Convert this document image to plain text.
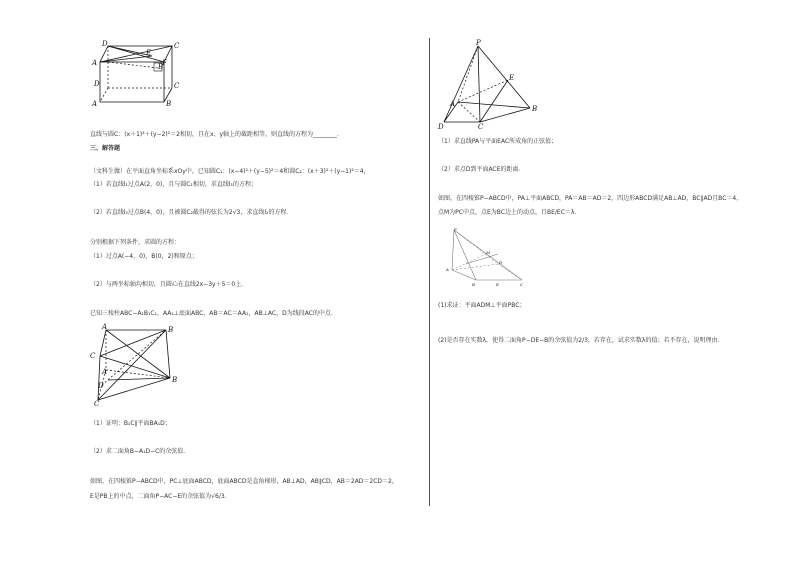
D	C
A	B
E
F
D	C
A	B
直线与圆C：(x＋1)²＋(y−2)²＝2相切，且在x、y轴上的截距相等，则直线的方程为________．
三、解答题
（文科生做）在平面直角坐标系xOy中，已知圆C₁：(x−4)²＋(y−5)²＝4和圆C₂：(x＋3)²＋(y−1)²＝4，
（1）若直线l₁过点A(2，0)，且与圆C₁相切，求直线l₁的方程；
（2）若直线l₂过点B(4，0)，且被圆C₂截得的弦长为2√3，求直线l₂的方程．
分别根据下列条件，求圆的方程：
（1）过点A(−4，0)，B(0，2)和原点；
（2）与两坐标轴均相切，且圆心在直线2x−3y＋5＝0上．
已知三棱柱ABC−A₁B₁C₁，AA₁⊥底面ABC，AB＝AC＝AA₁，AB⊥AC，D为线段AC的中点．
A	B
C
D
A
B
C
（1）证明：B₁C∥平面BA₁D；
（2）求二面角B−A₁D−C的余弦值．
如图，在四棱锥P−ABCD中，PC⊥底面ABCD，底面ABCD是直角梯形，AB⊥AD，AB∥CD，AB＝2AD＝2CD＝2，
E是PB上的中点，二面角P−AC−E的余弦值为√6/3．
P
E
A
B
D	C
（1）求直线PA与平面EAC所成角的正弦值；
（2）求点D到平面ACE的距离．
如图，在四棱锥P−ABCD中，PA⊥平面ABCD，PA＝AB＝AD＝2，四边形ABCD满足AB⊥AD，BC∥AD且BC＝4，
点M为PC中点，点E为BC边上的动点，且BE/EC＝λ．
P
M
A
D
B	E	C
(1)求证：平面ADM⊥平面PBC；
(2)是否存在实数λ，使得二面角P−DE−B的余弦值为2/3，若存在，试求实数λ的值；若不存在，说明理由．
